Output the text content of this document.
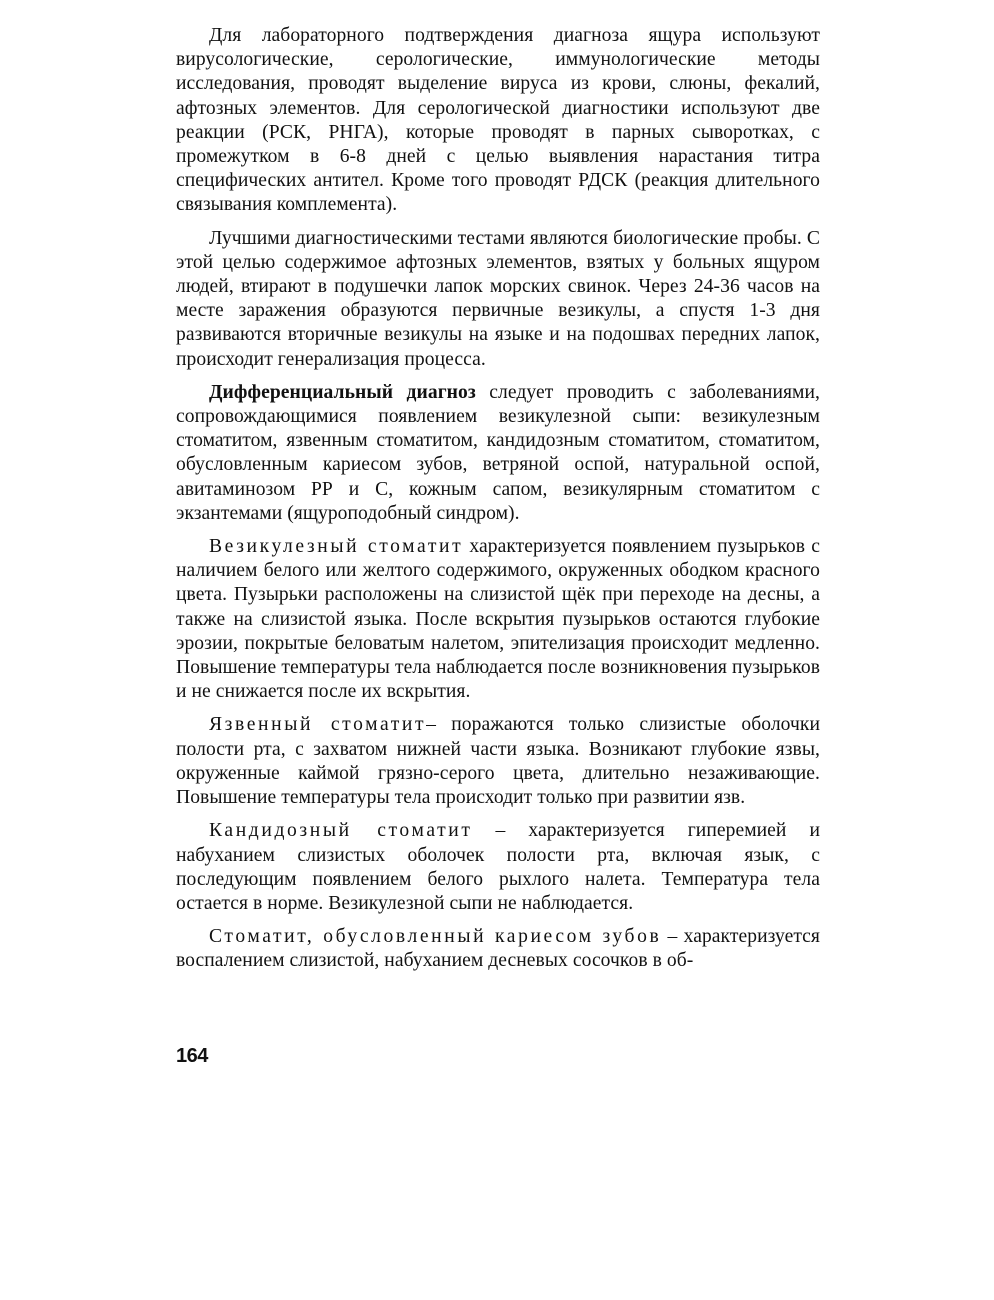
Для лабораторного подтверждения диагноза ящура используют вирусологические, серологические, иммунологические методы исследования, проводят выделение вируса из крови, слюны, фекалий, афтозных элементов. Для серологической диагностики используют две реакции (РСК, РНГА), которые проводят в парных сыворотках, с промежутком в 6-8 дней с целью выявления нарастания титра специфических антител. Кроме того проводят РДСК (реакция длительного связывания комплемента).

Лучшими диагностическими тестами являются биологические пробы. С этой целью содержимое афтозных элементов, взятых у больных ящуром людей, втирают в подушечки лапок морских свинок. Через 24-36 часов на месте заражения образуются первичные везикулы, а спустя 1-3 дня развиваются вторичные везикулы на языке и на подошвах передних лапок, происходит генерализация процесса.

Дифференциальный диагноз следует проводить с заболеваниями, сопровождающимися появлением везикулезной сыпи: везикулезным стоматитом, язвенным стоматитом, кандидозным стоматитом, стоматитом, обусловленным кариесом зубов, ветряной оспой, натуральной оспой, авитаминозом РР и С, кожным сапом, везикулярным стоматитом с экзантемами (ящуроподобный синдром).

Везикулезный стоматит характеризуется появлением пузырьков с наличием белого или желтого содержимого, окруженных ободком красного цвета. Пузырьки расположены на слизистой щёк при переходе на десны, а также на слизистой языка. После вскрытия пузырьков остаются глубокие эрозии, покрытые беловатым налетом, эпителизация происходит медленно. Повышение температуры тела наблюдается после возникновения пузырьков и не снижается после их вскрытия.

Язвенный стоматит– поражаются только слизистые оболочки полости рта, с захватом нижней части языка. Возникают глубокие язвы, окруженные каймой грязно-серого цвета, длительно незаживающие. Повышение температуры тела происходит только при развитии язв.

Кандидозный стоматит – характеризуется гиперемией и набуханием слизистых оболочек полости рта, включая язык, с последующим появлением белого рыхлого налета. Температура тела остается в норме. Везикулезной сыпи не наблюдается.

Стоматит, обусловленный кариесом зубов – характеризуется воспалением слизистой, набуханием десневых сосочков в об-

164
